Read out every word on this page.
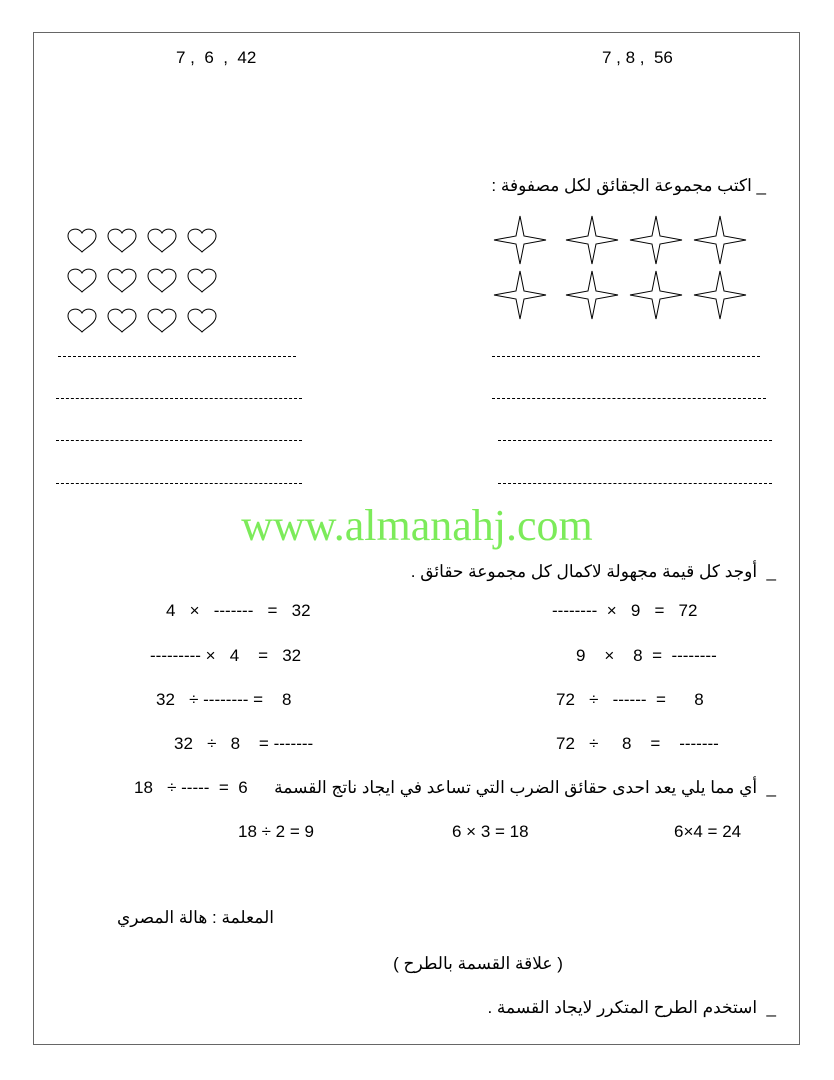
7 ,  6  ,  42	7 , 8 ,  56
_ اكتب مجموعة الجقائق لكل مصفوفة :
www.almanahj.com
_  أوجد كل قيمة مجهولة لاكمال كل مجموعة حقائق .
4   ×   -------   =   32
--------- ×   4    =   32
32   ÷ -------- =    8
32   ÷   8    = -------
--------  ×   9   =   72
9    ×    8  =  --------
72   ÷   ------  =      8
72   ÷     8    =    -------
_  أي مما يلي يعد احدى حقائق الضرب التي تساعد في ايجاد ناتج القسمة
18   ÷ -----  =  6
6×4 = 24
6 × 3 = 18
18 ÷ 2 = 9
المعلمة : هالة المصري
( علاقة القسمة بالطرح )
_  استخدم الطرح المتكرر لايجاد القسمة .
